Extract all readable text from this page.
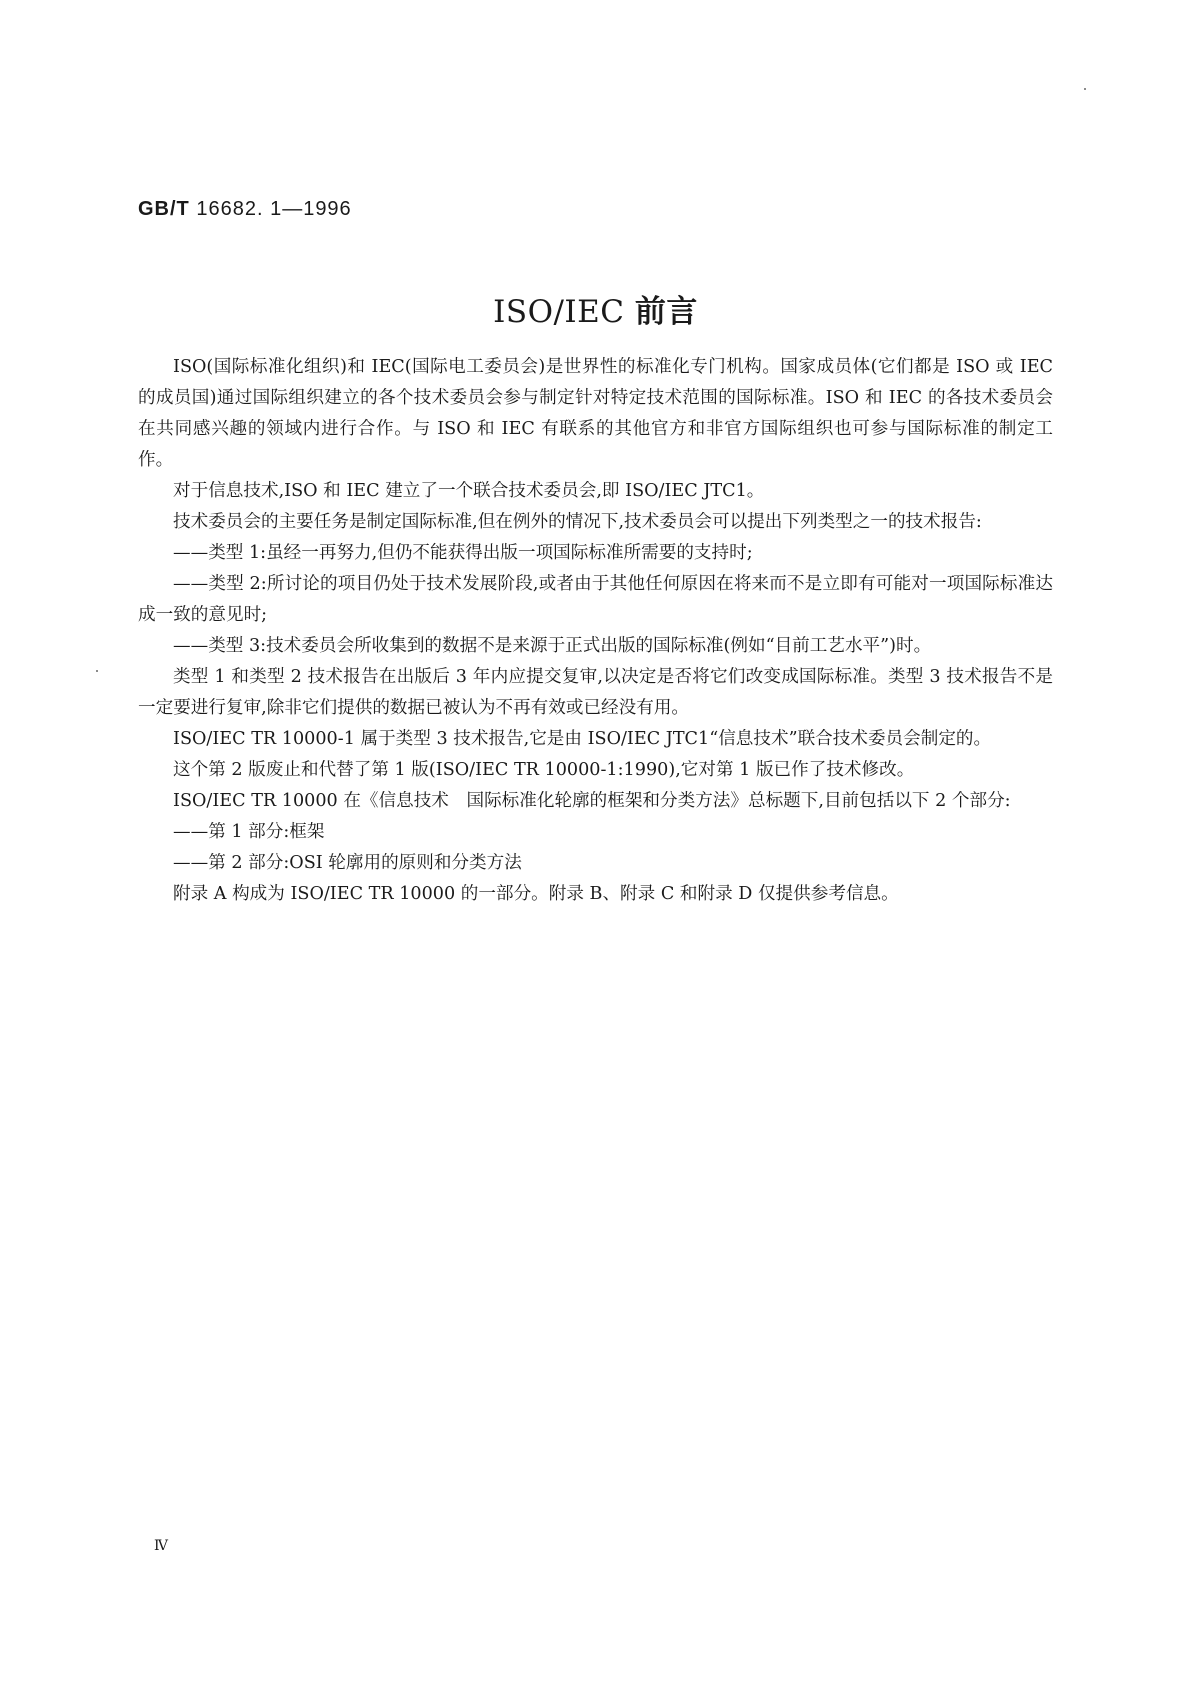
GB/T 16682. 1—1996
ISO/IEC 前言

ISO(国际标准化组织)和 IEC(国际电工委员会)是世界性的标准化专门机构。国家成员体(它们都是 ISO 或 IEC 的成员国)通过国际组织建立的各个技术委员会参与制定针对特定技术范围的国际标准。ISO 和 IEC 的各技术委员会在共同感兴趣的领域内进行合作。与 ISO 和 IEC 有联系的其他官方和非官方国际组织也可参与国际标准的制定工作。

对于信息技术,ISO 和 IEC 建立了一个联合技术委员会,即 ISO/IEC JTC1。

技术委员会的主要任务是制定国际标准,但在例外的情况下,技术委员会可以提出下列类型之一的技术报告:

——类型 1:虽经一再努力,但仍不能获得出版一项国际标准所需要的支持时;

——类型 2:所讨论的项目仍处于技术发展阶段,或者由于其他任何原因在将来而不是立即有可能对一项国际标准达成一致的意见时;

——类型 3:技术委员会所收集到的数据不是来源于正式出版的国际标准(例如“目前工艺水平”)时。

类型 1 和类型 2 技术报告在出版后 3 年内应提交复审,以决定是否将它们改变成国际标准。类型 3 技术报告不是一定要进行复审,除非它们提供的数据已被认为不再有效或已经没有用。

ISO/IEC TR 10000-1 属于类型 3 技术报告,它是由 ISO/IEC JTC1“信息技术”联合技术委员会制定的。

这个第 2 版废止和代替了第 1 版(ISO/IEC TR 10000-1:1990),它对第 1 版已作了技术修改。

ISO/IEC TR 10000 在《信息技术　国际标准化轮廓的框架和分类方法》总标题下,目前包括以下 2 个部分:

——第 1 部分:框架

——第 2 部分:OSI 轮廓用的原则和分类方法

附录 A 构成为 ISO/IEC TR 10000 的一部分。附录 B、附录 C 和附录 D 仅提供参考信息。

Ⅳ
